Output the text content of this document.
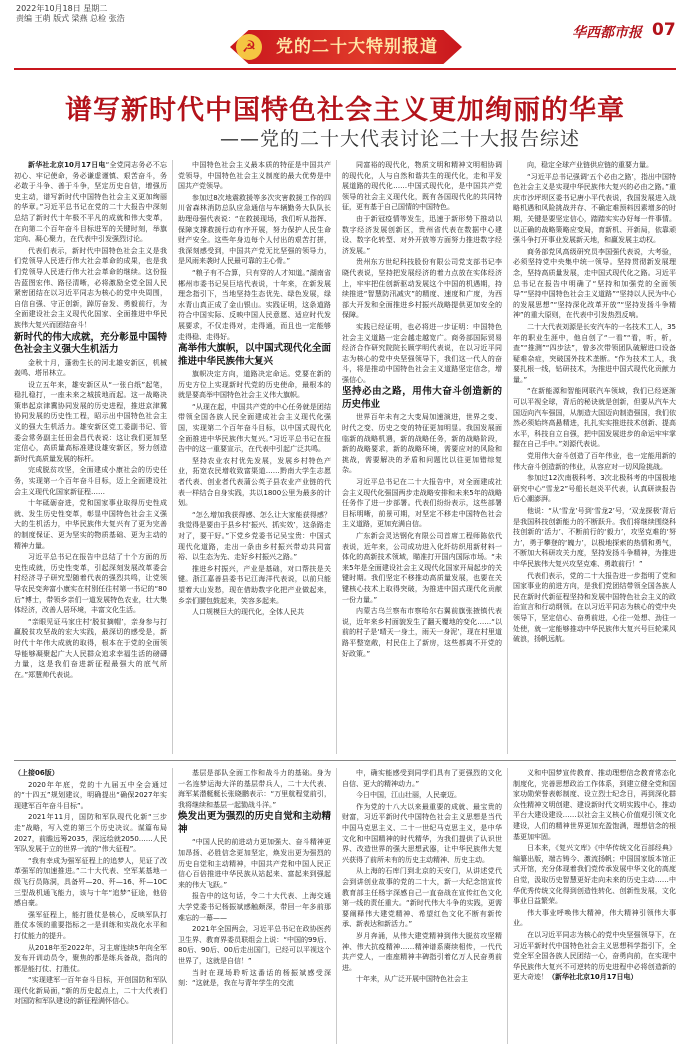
2022年10月18日 星期二
责编 王萌 版式 梁燕 总检 张浩
☭	党的二十大特别报道
华西都市报 07
谱写新时代中国特色社会主义更加绚丽的华章
——党的二十大代表讨论二十大报告综述

新华社北京10月17日电“全党同志务必不忘初心、牢记使命，务必谦虚谨慎、艰苦奋斗，务必敢于斗争、善于斗争，坚定历史自信，增强历史主动，谱写新时代中国特色社会主义更加绚丽的华章。”习近平总书记在党的二十大报告中深刻总结了新时代十年极不平凡的成就和伟大变革，在向第二个百年奋斗目标进军的关键时刻，举旗定向、凝心聚力，在代表中引发强烈讨论。

代表们表示，新时代中国特色社会主义是我们党领导人民进行伟大社会革命的成果，也是我们党领导人民进行伟大社会革命的继续。这份报告蓝图宏伟、路径清晰，必将激励全党全国人民紧密团结在以习近平同志为核心的党中央周围，自信自强、守正创新，踔厉奋发、勇毅前行，为全面建设社会主义现代化国家、全面推进中华民族伟大复兴而团结奋斗！

新时代的伟大成就，充分彰显中国特色社会主义强大生机活力

金秋十月，蓬勃生长的河北雄安新区，机械轰鸣、塔吊林立。

设立五年来，雄安新区从“一张白纸”起笔，稳扎稳打，一座未来之城拔地而起。这一战略决策串起京津冀协同发展的历史进程，推进京津冀协同发展的历史性工程，昭示出中国特色社会主义的强大生机活力。雄安新区党工委副书记、管委会常务副主任田金昌代表说：这让我们更加坚定信心，高质量高标准建设雄安新区，努力创造新时代高质量发展的标杆。

完成脱贫攻坚，全面建成小康社会的历史任务，实现第一个百年奋斗目标，迈上全面建设社会主义现代化国家新征程……

十年砥砺奋进，党和国家事业取得历史性成就、发生历史性变革，彰显中国特色社会主义强大的生机活力，中华民族伟大复兴有了更为完善的制度保证、更为坚实的物质基础、更为主动的精神力量。

习近平总书记在报告中总结了十个方面的历史性成就，历史性变革，引起深刻发展改革委会村经济寻子研究型随着代表的强烈共鸣，让党领导农民变奔富小康实在村别任往村第一书记的“80后”博士，带领乡亲们一道发展特色农业，壮大集体经济，改善人居环境，丰富文化生活。

“亲眼见证马家庄村‘脱贫摘帽’，亲身参与打赢脱贫攻坚战的宏大实践，最深切的感受是，新时代十年伟大成就的取得，根本在于党的全面领导能够凝聚起广大人民群众追求幸福生活的磅礴力量，这是我们奋进新征程最强大的底气所在。”郑慧帅代表说。

中国特色社会主义最本质的特征是中国共产党领导，中国特色社会主义制度的最大优势是中国共产党领导。

参加过8次地震救援等多次灾害救援工作的四川省森林消防总队应急通信与车辆勤务大队队长助理母强代表说：“在救援现场，我们听从指挥、保障支撑救援行动有序开展，努力保护人民生命财产安全。这些年身边每个人付出的艰苦打拼，我深刻感受到，中国共产党无比坚强的领导力，是风雨来袭时人民最可靠的主心骨。”

“粮子有不合算，只有穿的人才知道。”湖南省郴州市委书记吴巨培代表说，十年来，在新发展理念指引下，当地坚持生态优先、绿色发展，绿水青山真正成了金山银山。实践证明，这条道路符合中国实际、反映中国人民意愿、适应时代发展要求，不仅走得对，走得通，而且也一定能够走得稳、走得好。

高举伟大旗帜，以中国式现代化全面推进中华民族伟大复兴

旗帜决定方向，道路决定命运。党要在新的历史方位上实现新时代党的历史使命，最根本的就是要高举中国特色社会主义伟大旗帜。

“从现在起，中国共产党的中心任务就是团结带领全国各族人民全面建成社会主义现代化强国，实现第二个百年奋斗目标，以中国式现代化全面推进中华民族伟大复兴。”习近平总书记在报告中的这一重要宣示，在代表中引起广泛共鸣。

坚持农业农村优先发展，发展乡村特色产业，拓宽农民增收致富渠道……黔南大学生志愿者代表、创业者代表蒲公英子县农业产业链的代表一样结合自身实践，共以1800公里为最多的计划。

“怎么增加我获得感、怎么让大家能获得感？我觉得是要由于县乡村‘振兴、抓实效’，这条路走对了，要干好。”下党乡党委书记吴宝贵：中国式现代化道路，走出一条由乡村振兴带动共同富裕、以生态为先、走好乡村振兴之路。”

推进乡村振兴，产业是基础，对口帮扶是关键。浙江嘉善县委书记江海洋代表说，以前只能望着大山发愁，现在借助数字化把产业做起来，乡亲们腰包鼓起来，笑容多起来。

人口规模巨大的现代化，全体人民共

同富裕的现代化，物质文明和精神文明相协调的现代化，人与自然和谐共生的现代化，走和平发展道路的现代化……中国式现代化，是中国共产党领导的社会主义现代化，既有各国现代化的共同特征，更有基于自己国情的中国特色。

由于新冠疫情等发生，迅速于新形势下推动以数字经济发展创新区，贵州省代表在数据中心建设、数字化转型、对外开放等方面努力推进数字经济发展。”

贵州东方世纪科技股份有限公司党支部书记李晓代表说，坚持把发展经济的着力点放在实体经济上，牢牢把住创新驱动发展这个中国的机遇期，持续推进“智慧防汛减灾”的精度、速度和广度，为西部大开发和全面推进乡村振兴战略提供更加安全的保障。

实践已经证明，也必将进一步证明：中国特色社会主义道路一定会越走越宽广。商务部国际贸易经济合作研究院院长顾学明代表说，在以习近平同志为核心的党中央坚强领导下，我们这一代人的奋斗，将是推动中国特色社会主义道路坚定信念，增强信心。

坚持必由之路，用伟大奋斗创造新的历史伟业

世界百年未有之大变局加速演进，世界之变、时代之变、历史之变的特征更加明显。我国发展面临新的战略机遇，新的战略任务，新的战略阶段，新的战略要求，新的战略环境，需要应对的风险和挑战，需要解决的矛盾和问题比以往更加错综复杂。

习近平总书记在二十大报告中，对全面建成社会主义现代化强国两步走战略安排和未来5年的战略任务作了进一步部署。代表们纷纷表示，这些部署目标明晰，前景可期，对坚定不移走中国特色社会主义道路，更加充满自信。

广东新会灵达钢化有限公司首席工程师陈依代表说，近年来，公司成功进入化纤纺织用新材料一体化的高新技术领域，瞄准打开国内国际市场。“未来5年是全面建设社会主义现代化国家开局起步的关键时期。我们坚定不移推动高质量发展，也要在关键核心技术上取得突破，为推进中国式现代化贡献一份力量。”

内蒙古乌兰察布市察哈尔右翼前旗张掖镇代表说，近年来乡村面貌发生了翻天覆地的变化……“以前的村子是‘晴天一身土，雨天一身泥’，现在村里道路平整宽敞，村民住上了新房，这些都离不开党的好政策。”

向，稳定全球产业链供应链的重要力量。

“习近平总书记强调‘五个必由之路’，指出中国特色社会主义是实现中华民族伟大复兴的必由之路。”重庆市沙坪坝区委书记唐小平代表说，我国发展进入战略机遇和风险挑战并存、不确定难预料因素增多的时期，关键是要坚定信心，踏踏实实办好每一件事情。以正确的战略策略应变局，育新机、开新局，依靠顽强斗争打开事业发展新天地，和赢发展主动权。

商务部党风高级研究员李国强代表说，大考验，必须坚持党中央集中统一领导。坚持贯彻新发展理念，坚持高质量发展，走中国式现代化之路。习近平总书记在报告中明确了“坚持和加强党的全面领导”“坚持中国特色社会主义道路”“坚持以人民为中心的发展思想”“坚持深化改革开放”“坚持发扬斗争精神”的重大原则，在代表中引发热烈反响。

二十大代表刘源是长安汽车的一名技术工人，35年的职业生涯中，他自创了“一看”“看，听，析，查”“推测”“四步法”，曾多次带领团队破解进口设备疑难杂症，突破国外技术垄断。“作为技术工人，我要扎根一线，钻研技术，为推进中国式现代化贡献力量。”

“在新能源和智能网联汽车领域，我们已经逐渐可以平视全球，背后的秘诀就是创新，但要从汽车大国迈向汽车强国，从制造大国迈向制造强国，我们依然必须始终高悬精进，扎扎实实推进技术创新、提高水平，科技自立自强，把中国发展进步的命运牢牢掌握在自己手中。”刘源代表说。

党用伟大奋斗创造了百年伟业，也一定能用新的伟大奋斗创造新的伟业，从容应对一切风险挑战。

参加过12次南极科考、3次北极科考的中国极地研究中心“雪龙2”号船长赵炎平代表，认真研读报告后心潮澎湃。

他说：“从‘雪龙’号到‘雪龙2’号，‘双龙探极’背后是我国科技创新能力的不断跃升。我们将继续围绕科技创新的‘活力’、不断前行的‘毅力’，攻坚克难的‘努力’，勇于攀登的‘魄力’，以极地探索的热情和勇气，不断加大科研攻关力度，坚持发扬斗争精神，为推进中华民族伟大复兴攻坚克难、勇敢前行！”

代表们表示，党的二十大报告进一步指明了党和国家事业的前进方向，是我们党团结带领全国各族人民在新时代新征程坚持和发展中国特色社会主义的政治宣言和行动纲领。在以习近平同志为核心的党中央领导下，坚定信心、奋勇前进，心往一处想、劲往一处使，就一定能够推动中华民族伟大复兴号巨轮乘风破浪，扬帆远航。

（上接06版）

2020年年底，党的十九届五中全会通过的“十四五”规划建议，明确提出“确保2027年实现建军百年奋斗目标”。

2021年11月，国防和军队现代化新“三步走”战略，写入党的第三个历史决议。谋篇布局2027，前瞻远筹2035，深远绘就2050……人民军队发展于立的世界一流的“伟大征程”。

“我有幸成为强军征程上的追梦人，见证了改革强军的加速推进。”二十大代表、空军某基地一级飞行员陈洞，具备歼—20、歼—16、歼—10C三型战机通飞能力，该与十年“追梦”征途，他倍感自豪。

强军征程上，能打胜仗是核心，反映军队打胜仗本领的重要指标之一是训练和实战化水平和打仗能力的提升。

从2018年至2022年，习主席连续5年向全军发布开训动员令，聚焦的都是练兵备战，指向的都是能打仗、打胜仗。

“实现建军一百年奋斗目标，开创国防和军队现代化新局面，”新的历史起点上，二十大代表们对国防和军队建设的新征程满怀信心。

基层是部队全面工作和战斗力的基础。身为一名连梦运海大洋的基层带兵人，二十大代表、海军某潜艇艇长张晓鹏表示：“万里航程觉前引，我将继续和基层一起勠战斗洋。”

焕发出更为强烈的历史自觉和主动精神

“中国人民的前进动力更加强大、奋斗精神更加昂扬、必胜信念更加坚定，焕发出更为强烈的历史自觉和主动精神，中国共产党和中国人民正信心百倍推进中华民族从站起来、富起来到强起来的伟大飞跃。”

报告中的这句话，令二十大代表、上海交通大学党委书记杨振斌感触颇深，带回一年多前那难忘的一幕——

2021年全国两会，习近平总书记在政协医药卫生界、教育界委员联组会上说：“中国的99后、80后、90后、00后走出国门，已经可以平视这个世界了，这就是自信！”

当时在现场聆听这番话的杨振斌感受深刻：“这就是，我在与青年学生的交流

中，确实能感受到同学们具有了更强烈的文化自信、更大的精神动力。”

今日中国，江山壮丽，人民豪迈。

作为党的十八大以来最重要的成就、最宝贵的财富，习近平新时代中国特色社会主义思想是当代中国马克思主义、二十一世纪马克思主义，是中华文化和中国精神的时代精华，为我们提供了认识世界、改造世界的强大思想武器，让中华民族伟大复兴获得了前所未有的历史主动精神、历史主动。

从上海的石库门到北京的天安门，从讲述党代会到讲创业故事的党的二十大，新一大纪念馆宣传教育部主任杨宇深感自己一直奋战在宣传红色文化第一线的责任重大。“新时代伟大斗争的实践，更需要阐释伟大建党精神、希望红色文化不断有新传承、新表达和新活力。”

岁月奔涌，从伟大建党精神到伟大脱贫攻坚精神、伟大抗疫精神……精神谱系赓续相传，一代代共产党人，一座座精神丰碑指引着亿万人民奋勇前进。

十年来，从广泛开展中国特色社会主

义和中国梦宣传教育、推动理想信念教育常态化制度化，完善思想政治工作体系，到建立健全党和国家功勋荣誉表彰制度、设立烈士纪念日，再到深化群众性精神文明创建、建设新时代文明实践中心，推动平台大建设建设……以社会主义核心价值观引领文化建设，人们的精神世界更加充盈饱满，理想信念的根基更加牢固。

日本来，《复兴文库》《中华传统文化百部经典》编纂出版，端古铸今、激流扬帆；中国国家版本馆正式开馆，充分体现着我们党传承发展中华文化的高度自觉，汲取历史智慧更好走向未来的历史主动……中华优秀传统文化得到创造性转化、创新性发展，文化事业日益繁荣。

伟大事业呼唤伟大精神，伟大精神引领伟大事业。

在以习近平同志为核心的党中央坚强领导下，在习近平新时代中国特色社会主义思想科学指引下，全党全军全国各族人民团结一心，奋勇向前，在实现中华民族伟大复兴不可逆转的历史进程中必将创造新的更大奇迹！（新华社北京10月17日电）
